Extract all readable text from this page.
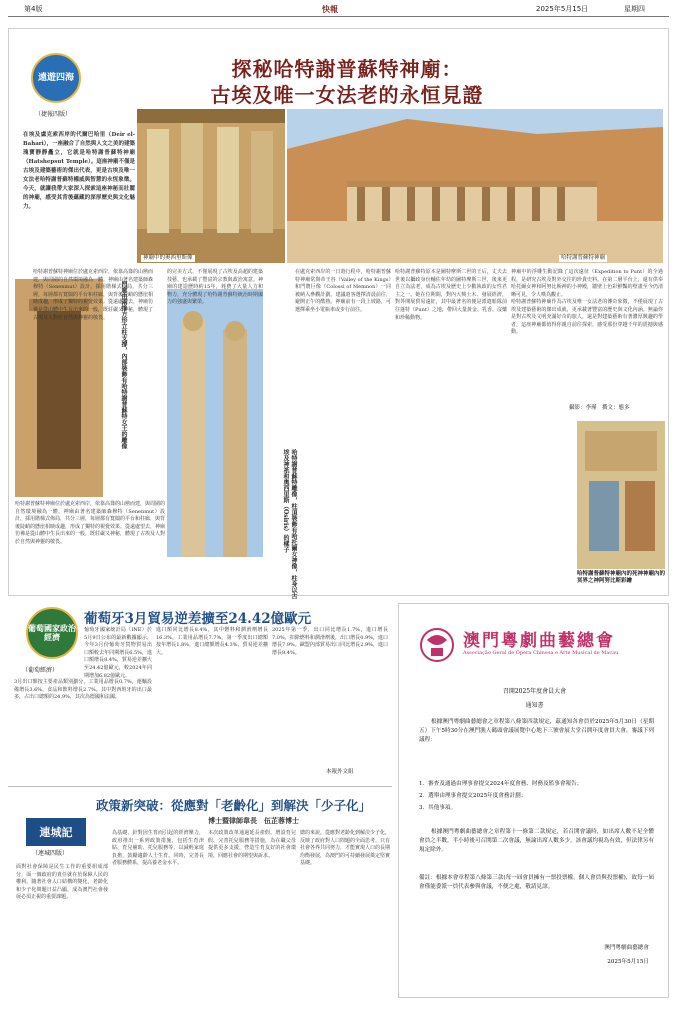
第4版	快報	2025年5月15日	星期四
遠遊四海
（捷報四版）
探秘哈特謝普蘇特神廟：
古埃及唯一女法老的永恒見證
在埃及盧克索西岸的代爾巴哈里（Deir el-Bahari），一座融合了自然與人文之美的建築瑰寶靜靜矗立，它就是哈特謝普蘇特神廟（Hatshepsut Temple）。這座神廟不僅是古埃及建築藝術的傑出代表，更是古埃及唯一女法老哈特謝普蘇特權威與智慧的永恆象徵。今天，就讓我帶大家深入探索這座神秘而壯麗的神廟，感受其背後蘊藏的深厚歷史與文化魅力。
神廟中的奧西里斯像	哈特謝普蘇特神廟
門廊由兩排方形立柱支撐，內部裝飾有哈特謝普蘇特女王的雕像
哈特謝普蘇特雕像，柱頂裝飾有哈托爾女神像，柱身以古埃及神祇和奧西里斯（Osiris）的樣子
哈特謝普蘇特神廟位於盧克索西岸，依靠高聳的山巒而建，與周圍的自然環境融為一體。神廟由著名建築師森穆特（Senenmut）設計，採用階梯式佈局，共分三層，每層都有寬闊的平台和柱廊，與背後陡峭的懸崖相映成趣，形成了獨特的視覺效果。從遠處望去，神廟彷彿是從山體中生長出來的一般，既莊嚴又神秘，體現了古埃及人對於自然與神靈的敬畏。
哈特謝普蘇特神廟位於盧克索西岸，依靠高聳的山巒而建，與周圍的自然環境融為一體。神廟由著名建築師森穆特（Senenmut）設計，採用階梯式佈局，共分三層，每層都有寬闊的平台和柱廊，與背後陡峭的懸崖相映成趣，形成了獨特的視覺效果。從遠處望去，神廟彷彿是從山體中生長出來的一般，既莊嚴又神秘，體現了古埃及人對於自然與神靈的敬畏。
的完美方式，不僅展現了古埃及高超的建築技藝，也承載了豐富的宗教與政治寓意。神廟的建造歷時約15年，耗費了大量人力和物力，充分體現了哈特謝普蘇特統治時期國力的強盛與繁榮。
在盧克索西岸的一日遊行程中，哈特謝普蘇特神廟常與帝王谷（Valley of the Kings）和門農巨像（Colossi of Memnon）一同被納入參觀計劃。建議遊客選擇清晨前往，避開正午的酷熱。神廟前有一段上坡路，可選擇乘坐小電瓶車或步行前往。
哈特謝普蘇特原本是圖特摩斯二世的王后，丈夫去世後以攝政身份輔佐年幼的圖特摩斯三世，後來更自立為法老，成為古埃及歷史上少數執政的女性君主之一。她在位期間，對內大興土木、發展經濟，對外開展貿易遠征，其中最著名的便是派遣船隊前往蓬特（Punt）之地，帶回大量黃金、乳香、沒藥和珍稀動物。
神廟中的浮雕生動記錄了這次遠征（Expedition to Punt）的全過程，是研究古埃及對外交往的珍貴史料。在第二層平台上，還有供奉哈托爾女神和阿努比斯神的小神殿，牆壁上色彩鮮豔的壁畫至今仍清晰可見，令人嘆為觀止。
哈特謝普蘇特神廟作為古埃及唯一女法老的傳奇象徵，不僅展現了古埃及建築藝術的傑出成就，更承載著豐富的歷史與文化內涵。無論你是對古埃及文明充滿好奇的旅人，還是對建築藝術有著濃厚興趣的學者，這座神廟都值得你親自前往探索，感受那份穿越千年的震撼與感動。
攝影：李瑾　撰文：態多
哈特謝普蘇特神廟內的死神神廟內的冥界之神阿努比斯彩繪
葡萄國家政治經濟
（葡萄經濟）
葡萄牙3月貿易逆差擴至24.42億歐元
葡萄牙國家統計局（INE）於5月9日公布的最新數據顯示，今年3月份葡萄牙貨物貿易出口額較去年同期增長6.5%，進口額增長8.4%，貿易逆差擴大至24.42億歐元，較2024年同期增加6.82億歐元。
3月出口額按主要產品類別劃分，工業用品增長0.7%，運輸設備增長3.6%，食品和飲料增長2.7%。其中對西班牙的出口最多，占出口總額的24.9%，其次為德國和法國。
進口額同比增長8.4%，其中燃料和潤滑劑增長16.3%，工業用品增長7.7%。第一季度出口總額按年增長1.8%，進口總額增長4.3%，貿易逆差擴大。
2025年第一季，出口同比增長1.7%，進口增長7.0%，扣除燃料和潤滑劑後，出口增長0.9%，進口增長7.9%。歐盟內部貿易出口同比增長2.9%，進口增長8.4%。
本報外文組
連城記
（連城四版）
政策新突破：從應對「老齡化」到解決「少子化」
博士暨律師韋長　伍芷蓉博士
面對社會保障是民生工作的重要組成部分，面一個政府的責任就在於保障人民的權利。隨著社會人口結構的變化，老齡化和少子化問題日益凸顯，成為澳門社會發展必須正視的重要課題。
為基礎，針對因生育而引起的經濟壓力，政府推出一系列政策措施，包括生育津貼、育兒補助、托兒服務等，以減輕家庭負擔，鼓勵適齡人士生育。同時，完善長者服務體系，提高養老金水平。
本次政策改革通過延長產假、增設育兒假、完善托兒服務等措施，為在職父母提供更多支援，營造生育友好的社會環境，回應社會的期望與訴求。
總的來說，從應對老齡化到解決少子化，反映了政府對人口問題的全面思考。只有社會各界共同努力，才能實現人口的長期均衡發展，為澳門的可持續發展奠定堅實基礎。
澳門粵劇曲藝總會
Associação Geral de Ópera Chinesa e Arte Musical de Macau
召開2025年度會員大會
通知書
根據澳門粵劇曲藝總會之章程第八條第四款規定，茲通知各會員於2025年5月30日（星期五）下午5時30分在澳門漁人碼頭會議展覽中心地下三號會展大堂召開年度會員大會，審議下列議程：
1．審查及通過由理事會提交2024年度會務、財務及監事會報告；
2．選舉由理事會提交2025年度會務計劃；
3．其他事項。
根據澳門粵劇曲藝總會之章程第十一條第二款規定，若召開會議時，如出席人數不足全體會員之半數，半小時後可召開第二次會議，無論出席人數多少，該會議均視為有效，但法律另有規定除外。
備註：根據本會章程第八條第三款(每一屆會員擁有一票投票權，個人會員與投票權)，故每一屆會僅能委派一員代表參與會議，不便之處，敬請見諒。
澳門粵劇曲藝總會
2025年5月15日
